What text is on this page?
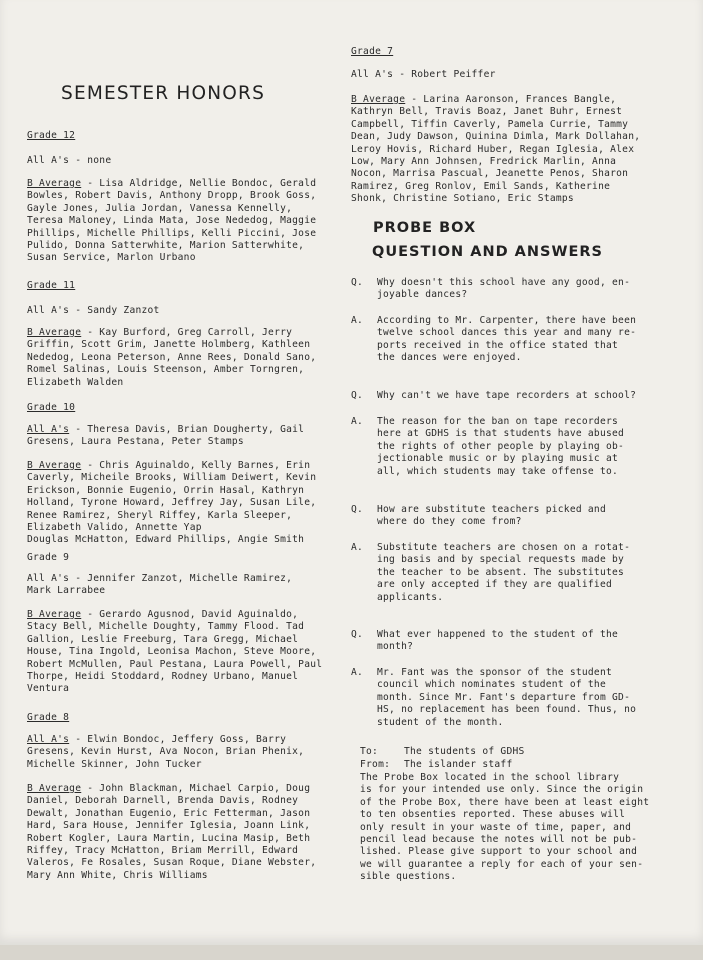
SEMESTER HONORS
Grade 12
All A's - none
B Average - Lisa Aldridge, Nellie Bondoc, Gerald
Bowles, Robert Davis, Anthony Dropp, Brook Goss,
Gayle Jones, Julia Jordan, Vanessa Kennelly,
Teresa Maloney, Linda Mata, Jose Nededog, Maggie
Phillips, Michelle Phillips, Kelli Piccini, Jose
Pulido, Donna Satterwhite, Marion Satterwhite,
Susan Service, Marlon Urbano
Grade 11
All A's - Sandy Zanzot
B Average - Kay Burford, Greg Carroll, Jerry
Griffin, Scott Grim, Janette Holmberg, Kathleen
Nededog, Leona Peterson, Anne Rees, Donald Sano,
Romel Salinas, Louis Steenson, Amber Torngren,
Elizabeth Walden
Grade 10
All A's - Theresa Davis, Brian Dougherty, Gail
Gresens, Laura Pestana, Peter Stamps
B Average - Chris Aguinaldo, Kelly Barnes, Erin
Caverly, Micheile Brooks, William Deiwert, Kevin
Erickson, Bonnie Eugenio, Orrin Hasal, Kathryn
Holland, Tyrone Howard, Jeffrey Jay, Susan Lile,
Renee Ramirez, Sheryl Riffey, Karla Sleeper,
Elizabeth Valido, Annette Yap
Douglas McHatton, Edward Phillips, Angie Smith
Grade 9
All A's - Jennifer Zanzot, Michelle Ramirez,
Mark Larrabee
B Average - Gerardo Agusnod, David Aguinaldo,
Stacy Bell, Michelle Doughty, Tammy Flood. Tad
Gallion, Leslie Freeburg, Tara Gregg, Michael
House, Tina Ingold, Leonisa Machon, Steve Moore,
Robert McMullen, Paul Pestana, Laura Powell, Paul
Thorpe, Heidi Stoddard, Rodney Urbano, Manuel
Ventura
Grade 8
All A's - Elwin Bondoc, Jeffery Goss, Barry
Gresens, Kevin Hurst, Ava Nocon, Brian Phenix,
Michelle Skinner, John Tucker
B Average - John Blackman, Michael Carpio, Doug
Daniel, Deborah Darnell, Brenda Davis, Rodney
Dewalt, Jonathan Eugenio, Eric Fetterman, Jason
Hard, Sara House, Jennifer Iglesia, Joann Link,
Robert Kogler, Laura Martin, Lucina Masip, Beth
Riffey, Tracy McHatton, Briam Merrill, Edward
Valeros, Fe Rosales, Susan Roque, Diane Webster,
Mary Ann White, Chris Williams
Grade 7
All A's - Robert Peiffer
B Average - Larina Aaronson, Frances Bangle,
Kathryn Bell, Travis Boaz, Janet Buhr, Ernest
Campbell, Tiffin Caverly, Pamela Currie, Tammy
Dean, Judy Dawson, Quinina Dimla, Mark Dollahan,
Leroy Hovis, Richard Huber, Regan Iglesia, Alex
Low, Mary Ann Johnsen, Fredrick Marlin, Anna
Nocon, Marrisa Pascual, Jeanette Penos, Sharon
Ramirez, Greg Ronlov, Emil Sands, Katherine
Shonk, Christine Sotiano, Eric Stamps
PROBE BOX
QUESTION AND ANSWERS

Q.	Why doesn't this school have any good, en-
joyable dances?

A.	According to Mr. Carpenter, there have been
twelve school dances this year and many re-
ports received in the office stated that
the dances were enjoyed.

Q.	Why can't we have tape recorders at school?

A.	The reason for the ban on tape recorders
here at GDHS is that students have abused
the rights of other people by playing ob-
jectionable music or by playing music at
all, which students may take offense to.

Q.	How are substitute teachers picked and
where do they come from?

A.	Substitute teachers are chosen on a rotat-
ing basis and by special requests made by
the teacher to be absent. The substitutes
are only accepted if they are qualified
applicants.

Q.	What ever happened to the student of the
month?

A.	Mr. Fant was the sponsor of the student
council which nominates student of the
month. Since Mr. Fant's departure from GD-
HS, no replacement has been found. Thus, no
student of the month.

To:	The students of GDHS

From: The islander staff

The Probe Box located in the school library
is for your intended use only. Since the origin
of the Probe Box, there have been at least eight
to ten obsenties reported. These abuses will
only result in your waste of time, paper, and
pencil lead because the notes will not be pub-
lished. Please give support to your school and
we will guarantee a reply for each of your sen-
sible questions.
